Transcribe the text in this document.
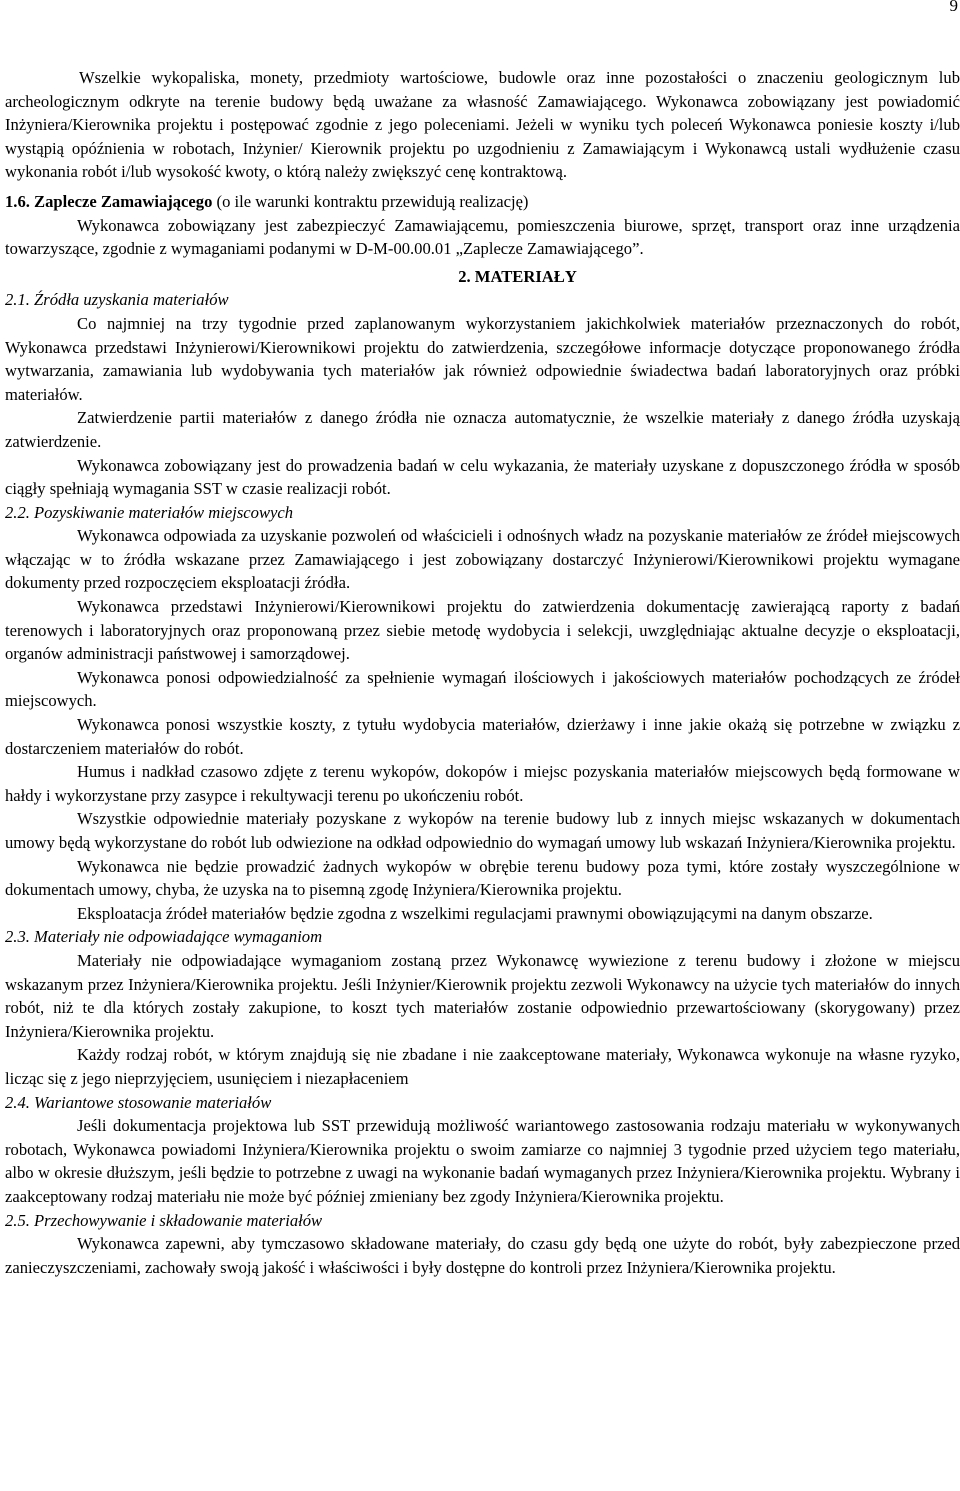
9

Wszelkie wykopaliska, monety, przedmioty wartościowe, budowle oraz inne pozostałości o znaczeniu geologicznym lub archeologicznym odkryte na terenie budowy będą uważane za własność Zamawiającego. Wykonawca zobowiązany jest powiadomić Inżyniera/Kierownika projektu i postępować zgodnie z jego poleceniami. Jeżeli w wyniku tych poleceń Wykonawca poniesie koszty i/lub wystąpią opóźnienia w robotach, Inżynier/ Kierownik projektu po uzgodnieniu z Zamawiającym i Wykonawcą ustali wydłużenie czasu wykonania robót i/lub wysokość kwoty, o którą należy zwiększyć cenę kontraktową.

1.6. Zaplecze Zamawiającego (o ile warunki kontraktu przewidują realizację)

Wykonawca zobowiązany jest zabezpieczyć Zamawiającemu, pomieszczenia biurowe, sprzęt, transport oraz inne urządzenia towarzyszące, zgodnie z wymaganiami podanymi w D-M-00.00.01 „Zaplecze Zamawiającego”.

2. MATERIAŁY

2.1. Źródła uzyskania materiałów

Co najmniej na trzy tygodnie przed zaplanowanym wykorzystaniem jakichkolwiek materiałów przeznaczonych do robót, Wykonawca przedstawi Inżynierowi/Kierownikowi projektu do zatwierdzenia, szczegółowe informacje dotyczące proponowanego źródła wytwarzania, zamawiania lub wydobywania tych materiałów jak również odpowiednie świadectwa badań laboratoryjnych oraz próbki materiałów.

Zatwierdzenie partii materiałów z danego źródła nie oznacza automatycznie, że wszelkie materiały z danego źródła uzyskają zatwierdzenie.

Wykonawca zobowiązany jest do prowadzenia badań w celu wykazania, że materiały uzyskane z dopuszczonego źródła w sposób ciągły spełniają wymagania SST w czasie realizacji robót.

2.2. Pozyskiwanie materiałów miejscowych

Wykonawca odpowiada za uzyskanie pozwoleń od właścicieli i odnośnych władz na pozyskanie materiałów ze źródeł miejscowych włączając w to źródła wskazane przez Zamawiającego i jest zobowiązany dostarczyć Inżynierowi/Kierownikowi projektu wymagane dokumenty przed rozpoczęciem eksploatacji źródła.

Wykonawca przedstawi Inżynierowi/Kierownikowi projektu do zatwierdzenia dokumentację zawierającą raporty z badań terenowych i laboratoryjnych oraz proponowaną przez siebie metodę wydobycia i selekcji, uwzględniając aktualne decyzje o eksploatacji, organów administracji państwowej i samorządowej.

Wykonawca ponosi odpowiedzialność za spełnienie wymagań ilościowych i jakościowych materiałów pochodzących ze źródeł miejscowych.

Wykonawca ponosi wszystkie koszty, z tytułu wydobycia materiałów, dzierżawy i inne jakie okażą się potrzebne w związku z dostarczeniem materiałów do robót.

Humus i nadkład czasowo zdjęte z terenu wykopów, dokopów i miejsc pozyskania materiałów miejscowych będą formowane w hałdy i wykorzystane przy zasypce i rekultywacji terenu po ukończeniu robót.

Wszystkie odpowiednie materiały pozyskane z wykopów na terenie budowy lub z innych miejsc wskazanych w dokumentach umowy będą wykorzystane do robót lub odwiezione na odkład odpowiednio do wymagań umowy lub wskazań Inżyniera/Kierownika projektu.

Wykonawca nie będzie prowadzić żadnych wykopów w obrębie terenu budowy poza tymi, które zostały wyszczególnione w dokumentach umowy, chyba, że uzyska na to pisemną zgodę Inżyniera/Kierownika projektu.

Eksploatacja źródeł materiałów będzie zgodna z wszelkimi regulacjami prawnymi obowiązującymi na danym obszarze.

2.3. Materiały nie odpowiadające wymaganiom

Materiały nie odpowiadające wymaganiom zostaną przez Wykonawcę wywiezione z terenu budowy i złożone w miejscu wskazanym przez Inżyniera/Kierownika projektu. Jeśli Inżynier/Kierownik projektu zezwoli Wykonawcy na użycie tych materiałów do innych robót, niż te dla których zostały zakupione, to koszt tych materiałów zostanie odpowiednio przewartościowany (skorygowany) przez Inżyniera/Kierownika projektu.

Każdy rodzaj robót, w którym znajdują się nie zbadane i nie zaakceptowane materiały, Wykonawca wykonuje na własne ryzyko, licząc się z jego nieprzyjęciem, usunięciem i niezapłaceniem

2.4. Wariantowe stosowanie materiałów

Jeśli dokumentacja projektowa lub SST przewidują możliwość wariantowego zastosowania rodzaju materiału w wykonywanych robotach, Wykonawca powiadomi Inżyniera/Kierownika projektu o swoim zamiarze co najmniej 3 tygodnie przed użyciem tego materiału, albo w okresie dłuższym, jeśli będzie to potrzebne z uwagi na wykonanie badań wymaganych przez Inżyniera/Kierownika projektu. Wybrany i zaakceptowany rodzaj materiału nie może być później zmieniany bez zgody Inżyniera/Kierownika projektu.

2.5. Przechowywanie i składowanie materiałów

Wykonawca zapewni, aby tymczasowo składowane materiały, do czasu gdy będą one użyte do robót, były zabezpieczone przed zanieczyszczeniami, zachowały swoją jakość i właściwości i były dostępne do kontroli przez Inżyniera/Kierownika projektu.
